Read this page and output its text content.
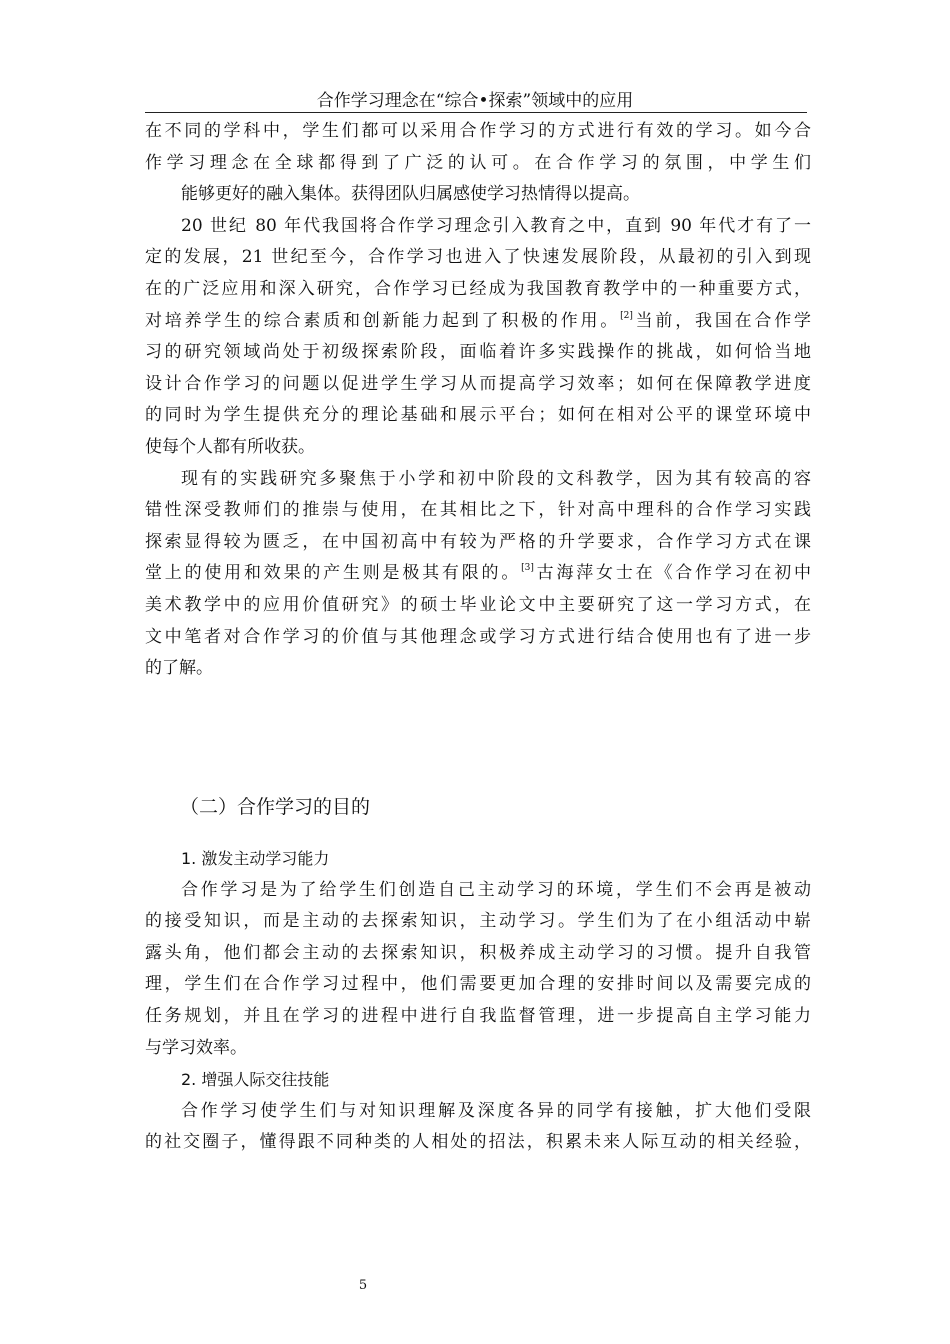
合作学习理念在“综合•探索”领域中的应用
在不同的学科中，学生们都可以采用合作学习的方式进行有效的学习。如今合
作学习理念在全球都得到了广泛的认可。在合作学习的氛围，中学生们
能够更好的融入集体。获得团队归属感使学习热情得以提高。
20 世纪 80 年代我国将合作学习理念引入教育之中，直到 90 年代才有了一
定的发展，21 世纪至今，合作学习也进入了快速发展阶段，从最初的引入到现
在的广泛应用和深入研究，合作学习已经成为我国教育教学中的一种重要方式，
对培养学生的综合素质和创新能力起到了积极的作用。[2]当前，我国在合作学
习的研究领域尚处于初级探索阶段，面临着许多实践操作的挑战，如何恰当地
设计合作学习的问题以促进学生学习从而提高学习效率；如何在保障教学进度
的同时为学生提供充分的理论基础和展示平台；如何在相对公平的课堂环境中
使每个人都有所收获。
现有的实践研究多聚焦于小学和初中阶段的文科教学，因为其有较高的容
错性深受教师们的推崇与使用，在其相比之下，针对高中理科的合作学习实践
探索显得较为匮乏，在中国初高中有较为严格的升学要求，合作学习方式在课
堂上的使用和效果的产生则是极其有限的。[3]古海萍女士在《合作学习在初中
美术教学中的应用价值研究》的硕士毕业论文中主要研究了这一学习方式，在
文中笔者对合作学习的价值与其他理念或学习方式进行结合使用也有了进一步
的了解。
（二）合作学习的目的
1. 激发主动学习能力
合作学习是为了给学生们创造自己主动学习的环境，学生们不会再是被动
的接受知识，而是主动的去探索知识，主动学习。学生们为了在小组活动中崭
露头角，他们都会主动的去探索知识，积极养成主动学习的习惯。提升自我管
理，学生们在合作学习过程中，他们需要更加合理的安排时间以及需要完成的
任务规划，并且在学习的进程中进行自我监督管理，进一步提高自主学习能力
与学习效率。
2. 增强人际交往技能
合作学习使学生们与对知识理解及深度各异的同学有接触，扩大他们受限
的社交圈子，懂得跟不同种类的人相处的招法，积累未来人际互动的相关经验，
5
